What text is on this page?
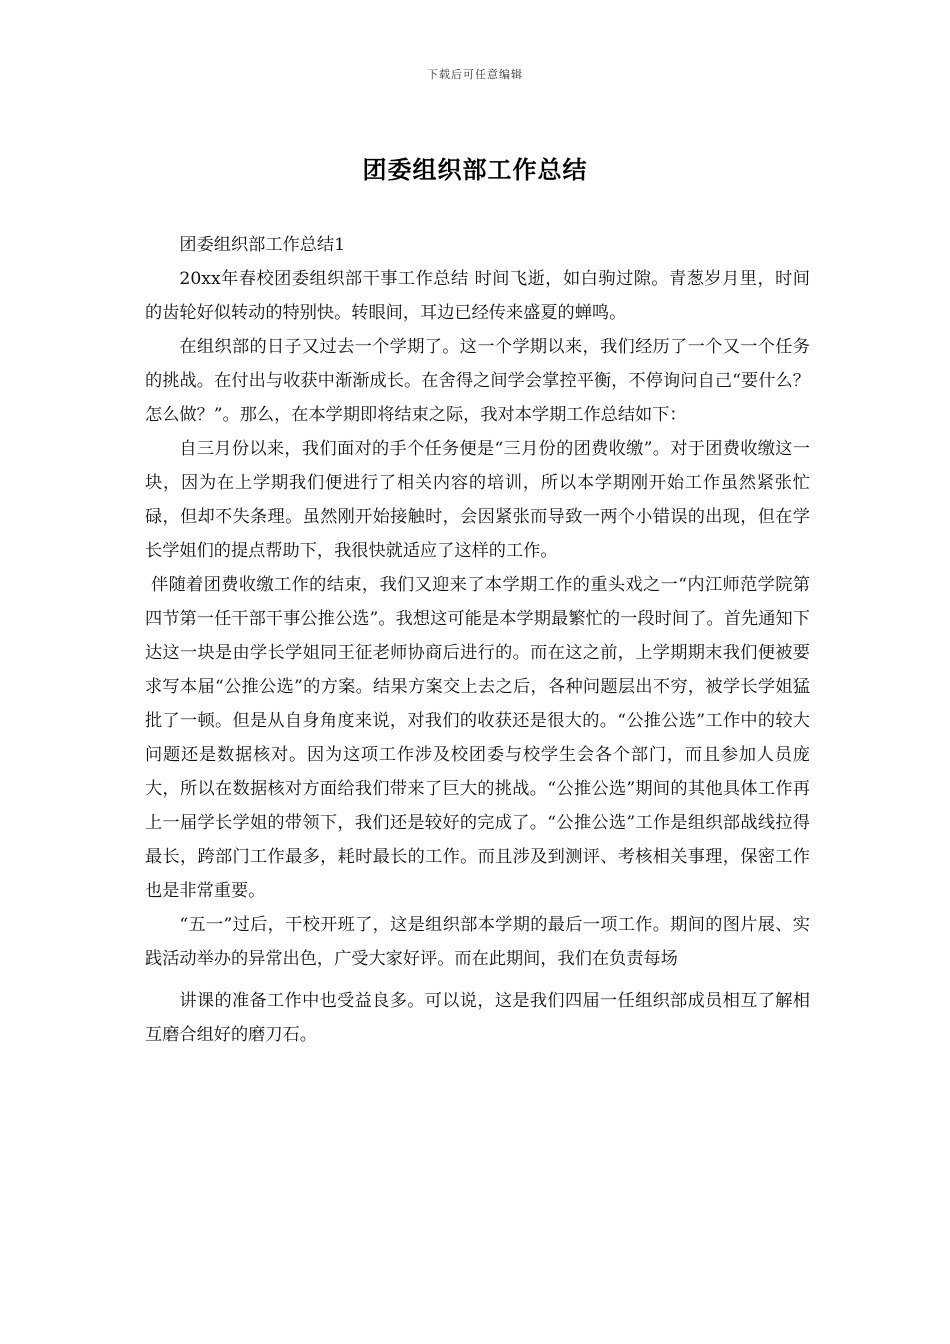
下载后可任意编辑
团委组织部工作总结

团委组织部工作总结1

20xx年春校团委组织部干事工作总结 时间飞逝，如白驹过隙。青葱岁月里，时间的齿轮好似转动的特别快。转眼间，耳边已经传来盛夏的蝉鸣。

在组织部的日子又过去一个学期了。这一个学期以来，我们经历了一个又一个任务的挑战。在付出与收获中渐渐成长。在舍得之间学会掌控平衡，不停询问自己“要什么？怎么做？”。那么，在本学期即将结束之际，我对本学期工作总结如下：

自三月份以来，我们面对的手个任务便是“三月份的团费收缴”。对于团费收缴这一块，因为在上学期我们便进行了相关内容的培训，所以本学期刚开始工作虽然紧张忙碌，但却不失条理。虽然刚开始接触时，会因紧张而导致一两个小错误的出现，但在学长学姐们的提点帮助下，我很快就适应了这样的工作。

伴随着团费收缴工作的结束，我们又迎来了本学期工作的重头戏之一“内江师范学院第四节第一任干部干事公推公选”。我想这可能是本学期最繁忙的一段时间了。首先通知下达这一块是由学长学姐同王征老师协商后进行的。而在这之前，上学期期末我们便被要求写本届“公推公选”的方案。结果方案交上去之后，各种问题层出不穷，被学长学姐猛批了一顿。但是从自身角度来说，对我们的收获还是很大的。“公推公选”工作中的较大问题还是数据核对。因为这项工作涉及校团委与校学生会各个部门，而且参加人员庞大，所以在数据核对方面给我们带来了巨大的挑战。“公推公选”期间的其他具体工作再上一届学长学姐的带领下，我们还是较好的完成了。“公推公选”工作是组织部战线拉得最长，跨部门工作最多，耗时最长的工作。而且涉及到测评、考核相关事理，保密工作也是非常重要。

“五一”过后，干校开班了，这是组织部本学期的最后一项工作。期间的图片展、实践活动举办的异常出色，广受大家好评。而在此期间，我们在负责每场

讲课的准备工作中也受益良多。可以说，这是我们四届一任组织部成员相互了解相互磨合组好的磨刀石。
